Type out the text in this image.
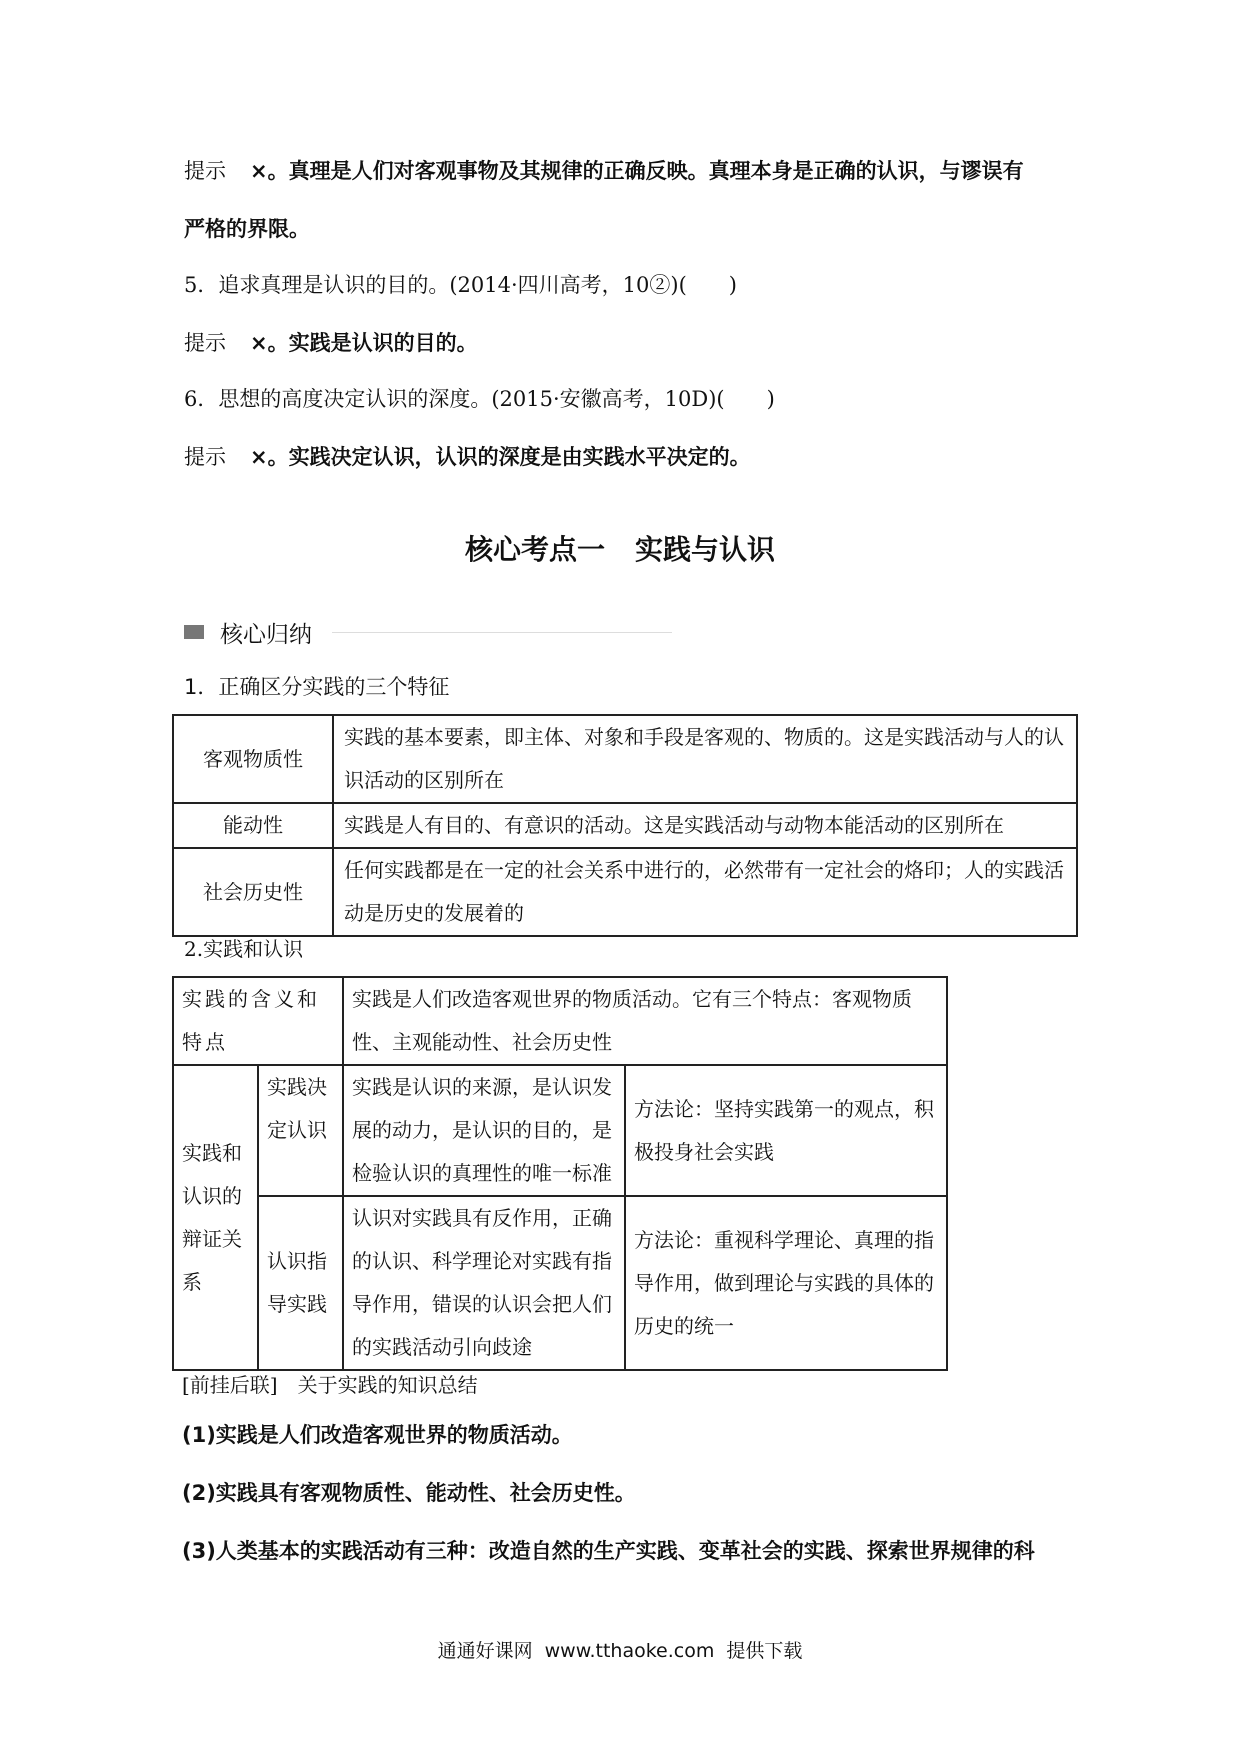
提示 ×。真理是人们对客观事物及其规律的正确反映。真理本身是正确的认识，与谬误有
严格的界限。
5．追求真理是认识的目的。(2014·四川高考，10②)(　　)
提示 ×。实践是认识的目的。
6．思想的高度决定认识的深度。(2015·安徽高考，10D)(　　)
提示 ×。实践决定认识，认识的深度是由实践水平决定的。
核心考点一 实践与认识
核心归纳
1．正确区分实践的三个特征
客观物质性	实践的基本要素，即主体、对象和手段是客观的、物质的。这是实践活动与人的认识活动的区别所在
能动性	实践是人有目的、有意识的活动。这是实践活动与动物本能活动的区别所在
社会历史性	任何实践都是在一定的社会关系中进行的，必然带有一定社会的烙印；人的实践活动是历史的发展着的
2.实践和认识
实践的含义和特点		实践是人们改造客观世界的物质活动。它有三个特点：客观物质性、主观能动性、社会历史性	
实践和认识的辩证关系	实践决定认识	实践是认识的来源，是认识发展的动力，是认识的目的，是检验认识的真理性的唯一标准	方法论：坚持实践第一的观点，积极投身社会实践
	认识指导实践	认识对实践具有反作用，正确的认识、科学理论对实践有指导作用，错误的认识会把人们的实践活动引向歧途	方法论：重视科学理论、真理的指导作用，做到理论与实践的具体的历史的统一
[前挂后联]　关于实践的知识总结
(1)实践是人们改造客观世界的物质活动。
(2)实践具有客观物质性、能动性、社会历史性。
(3)人类基本的实践活动有三种：改造自然的生产实践、变革社会的实践、探索世界规律的科
通通好课网 www.tthaoke.com 提供下载
